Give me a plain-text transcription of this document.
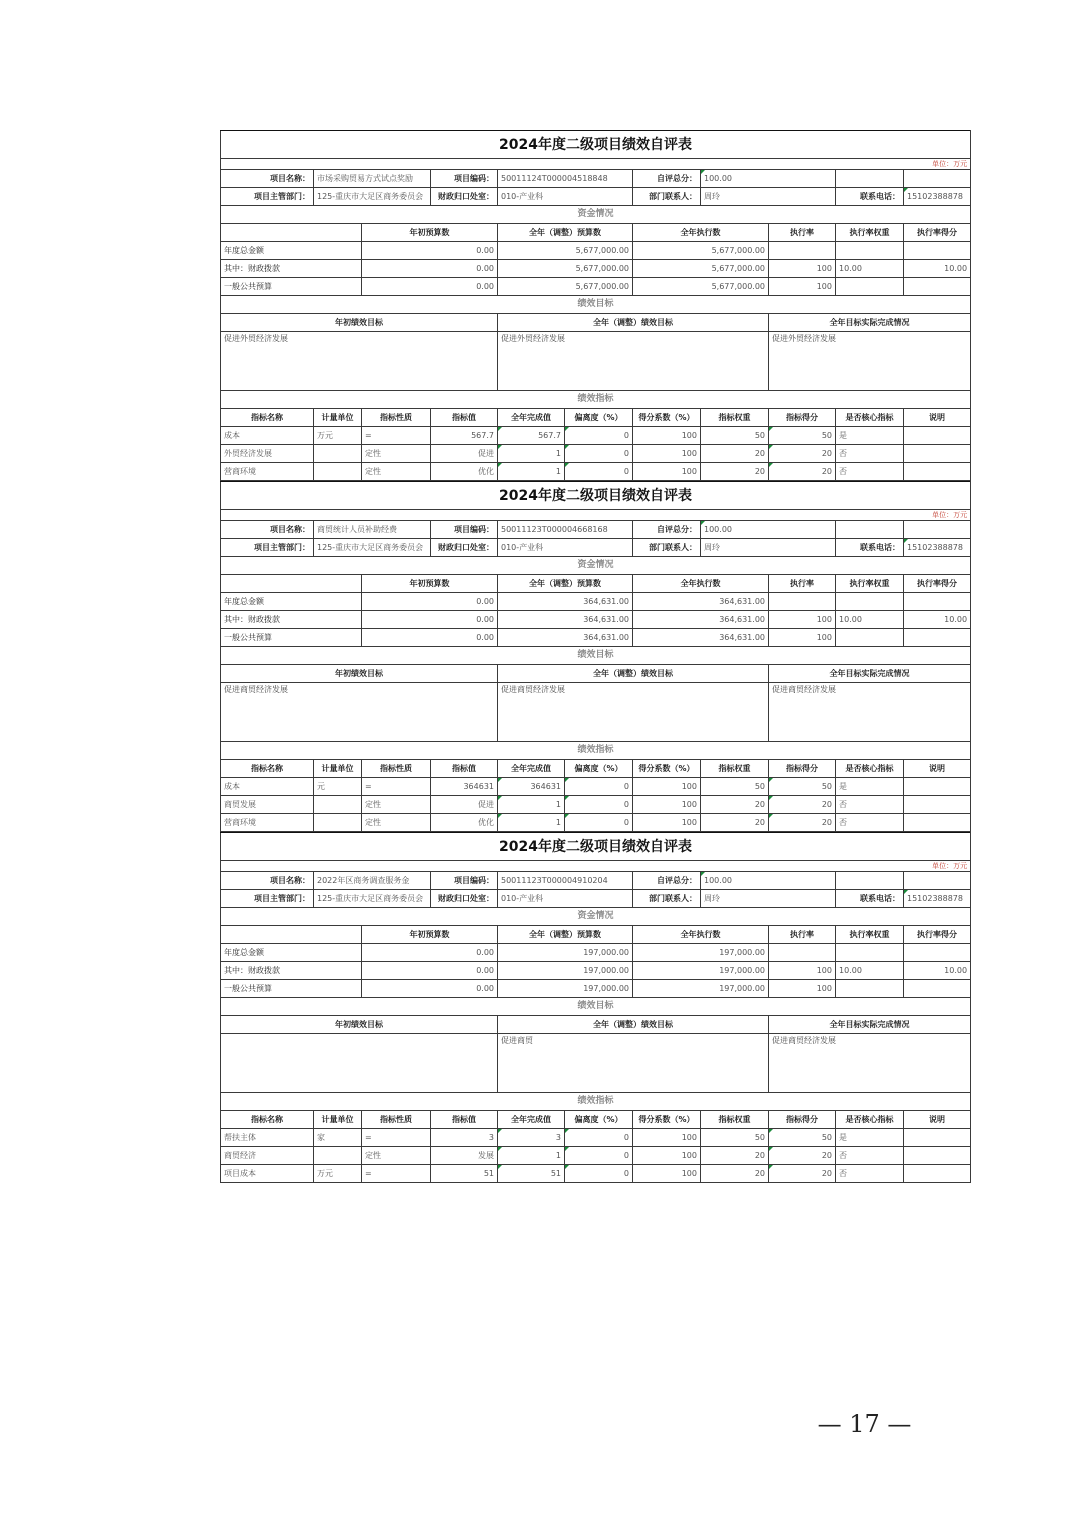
2024年度二级项目绩效自评表										
单位：万元										
项目名称：	市场采购贸易方式试点奖励		项目编码：	50011124T000004518848		自评总分：	100.00			
项目主管部门：	125-重庆市大足区商务委员会		财政归口处室：	010-产业科		部门联系人：	周玲		联系电话：	15102388878
资金情况										
		年初预算数		全年（调整）预算数		全年执行数		执行率	执行率权重	执行率得分
年度总金额		0.00		5,677,000.00		5,677,000.00				
其中：财政拨款		0.00		5,677,000.00		5,677,000.00		100	10.00	10.00
一般公共预算		0.00		5,677,000.00		5,677,000.00		100		
绩效目标										
年初绩效目标				全年（调整）绩效目标				全年目标实际完成情况		
促进外贸经济发展				促进外贸经济发展				促进外贸经济发展		
绩效指标										
指标名称	计量单位	指标性质	指标值	全年完成值	偏离度（%）	得分系数（%）	指标权重	指标得分	是否核心指标	说明
成本	万元	=	567.7	567.7	0	100	50	50	是	
外贸经济发展		定性	促进	1	0	100	20	20	否	
营商环境		定性	优化	1	0	100	20	20	否	
2024年度二级项目绩效自评表										
单位：万元										
项目名称：	商贸统计人员补助经费		项目编码：	50011123T000004668168		自评总分：	100.00			
项目主管部门：	125-重庆市大足区商务委员会		财政归口处室：	010-产业科		部门联系人：	周玲		联系电话：	15102388878
资金情况										
		年初预算数		全年（调整）预算数		全年执行数		执行率	执行率权重	执行率得分
年度总金额		0.00		364,631.00		364,631.00				
其中：财政拨款		0.00		364,631.00		364,631.00		100	10.00	10.00
一般公共预算		0.00		364,631.00		364,631.00		100		
绩效目标										
年初绩效目标				全年（调整）绩效目标				全年目标实际完成情况		
促进商贸经济发展				促进商贸经济发展				促进商贸经济发展		
绩效指标										
指标名称	计量单位	指标性质	指标值	全年完成值	偏离度（%）	得分系数（%）	指标权重	指标得分	是否核心指标	说明
成本	元	=	364631	364631	0	100	50	50	是	
商贸发展		定性	促进	1	0	100	20	20	否	
营商环境		定性	优化	1	0	100	20	20	否	
2024年度二级项目绩效自评表										
单位：万元										
项目名称：	2022年区商务调查服务金		项目编码：	50011123T000004910204		自评总分：	100.00			
项目主管部门：	125-重庆市大足区商务委员会		财政归口处室：	010-产业科		部门联系人：	周玲		联系电话：	15102388878
资金情况										
		年初预算数		全年（调整）预算数		全年执行数		执行率	执行率权重	执行率得分
年度总金额		0.00		197,000.00		197,000.00				
其中：财政拨款		0.00		197,000.00		197,000.00		100	10.00	10.00
一般公共预算		0.00		197,000.00		197,000.00		100		
绩效目标										
年初绩效目标				全年（调整）绩效目标				全年目标实际完成情况		
				促进商贸				促进商贸经济发展		
绩效指标										
指标名称	计量单位	指标性质	指标值	全年完成值	偏离度（%）	得分系数（%）	指标权重	指标得分	是否核心指标	说明
帮扶主体	家	=	3	3	0	100	50	50	是	
商贸经济		定性	发展	1	0	100	20	20	否	
项目成本	万元	=	51	51	0	100	20	20	否	
— 17 —
